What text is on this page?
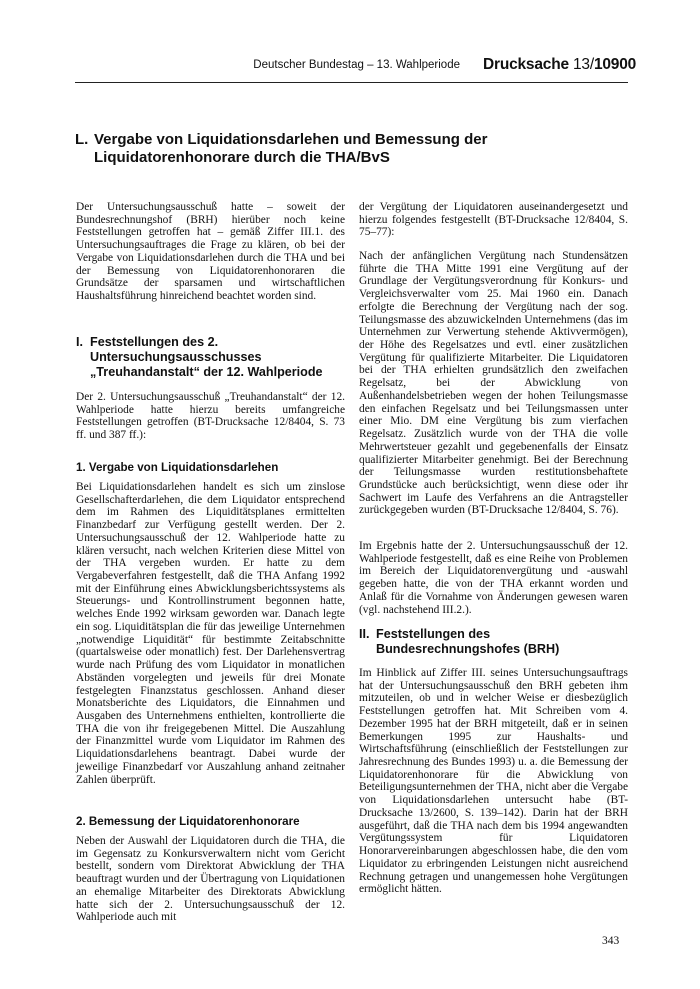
Deutscher Bundestag – 13. Wahlperiode Drucksache 13/10900
L. Vergabe von Liquidationsdarlehen und Bemessung der Liquidatorenhonorare durch die THA/BvS

Der Untersuchungsausschuß hatte – soweit der Bundesrechnungshof (BRH) hierüber noch keine Feststellungen getroffen hat – gemäß Ziffer III.1. des Untersuchungsauftrages die Frage zu klären, ob bei der Vergabe von Liquidationsdarlehen durch die THA und bei der Bemessung von Liquidatorenhonoraren die Grundsätze der sparsamen und wirtschaftlichen Haushaltsführung hinreichend beachtet worden sind.

I. Feststellungen des 2. Untersuchungsausschusses „Treuhandanstalt“ der 12. Wahlperiode

Der 2. Untersuchungsausschuß „Treuhandanstalt“ der 12. Wahlperiode hatte hierzu bereits umfangreiche Feststellungen getroffen (BT-Drucksache 12/8404, S. 73 ff. und 387 ff.):

1. Vergabe von Liquidationsdarlehen

Bei Liquidationsdarlehen handelt es sich um zinslose Gesellschafterdarlehen, die dem Liquidator entsprechend dem im Rahmen des Liquiditätsplanes ermittelten Finanzbedarf zur Verfügung gestellt werden. Der 2. Untersuchungsausschuß der 12. Wahlperiode hatte zu klären versucht, nach welchen Kriterien diese Mittel von der THA vergeben wurden. Er hatte zu dem Vergabeverfahren festgestellt, daß die THA Anfang 1992 mit der Einführung eines Abwicklungsberichtssystems als Steuerungs- und Kontrollinstrument begonnen hatte, welches Ende 1992 wirksam geworden war. Danach legte ein sog. Liquiditätsplan die für das jeweilige Unternehmen „notwendige Liquidität“ für bestimmte Zeitabschnitte (quartalsweise oder monatlich) fest. Der Darlehensvertrag wurde nach Prüfung des vom Liquidator in monatlichen Abständen vorgelegten und jeweils für drei Monate festgelegten Finanzstatus geschlossen. Anhand dieser Monatsberichte des Liquidators, die Einnahmen und Ausgaben des Unternehmens enthielten, kontrollierte die THA die von ihr freigegebenen Mittel. Die Auszahlung der Finanzmittel wurde vom Liquidator im Rahmen des Liquidationsdarlehens beantragt. Dabei wurde der jeweilige Finanzbedarf vor Auszahlung anhand zeitnaher Zahlen überprüft.

2. Bemessung der Liquidatorenhonorare

Neben der Auswahl der Liquidatoren durch die THA, die im Gegensatz zu Konkursverwaltern nicht vom Gericht bestellt, sondern vom Direktorat Abwicklung der THA beauftragt wurden und der Übertragung von Liquidationen an ehemalige Mitarbeiter des Direktorats Abwicklung hatte sich der 2. Untersuchungsausschuß der 12. Wahlperiode auch mit

der Vergütung der Liquidatoren auseinandergesetzt und hierzu folgendes festgestellt (BT-Drucksache 12/8404, S. 75–77):

Nach der anfänglichen Vergütung nach Stundensätzen führte die THA Mitte 1991 eine Vergütung auf der Grundlage der Vergütungsverordnung für Konkurs- und Vergleichsverwalter vom 25. Mai 1960 ein. Danach erfolgte die Berechnung der Vergütung nach der sog. Teilungsmasse des abzuwickelnden Unternehmens (das im Unternehmen zur Verwertung stehende Aktivvermögen), der Höhe des Regelsatzes und evtl. einer zusätzlichen Vergütung für qualifizierte Mitarbeiter. Die Liquidatoren bei der THA erhielten grundsätzlich den zweifachen Regelsatz, bei der Abwicklung von Außenhandelsbetrieben wegen der hohen Teilungsmasse den einfachen Regelsatz und bei Teilungsmassen unter einer Mio. DM eine Vergütung bis zum vierfachen Regelsatz. Zusätzlich wurde von der THA die volle Mehrwertsteuer gezahlt und gegebenenfalls der Einsatz qualifizierter Mitarbeiter genehmigt. Bei der Berechnung der Teilungsmasse wurden restitutionsbehaftete Grundstücke auch berücksichtigt, wenn diese oder ihr Sachwert im Laufe des Verfahrens an die Antragsteller zurückgegeben wurden (BT-Drucksache 12/8404, S. 76).

Im Ergebnis hatte der 2. Untersuchungsausschuß der 12. Wahlperiode festgestellt, daß es eine Reihe von Problemen im Bereich der Liquidatorenvergütung und -auswahl gegeben hatte, die von der THA erkannt worden und Anlaß für die Vornahme von Änderungen gewesen waren (vgl. nachstehend III.2.).

II. Feststellungen des Bundesrechnungshofes (BRH)

Im Hinblick auf Ziffer III. seines Untersuchungsauftrags hat der Untersuchungsausschuß den BRH gebeten ihm mitzuteilen, ob und in welcher Weise er diesbezüglich Feststellungen getroffen hat. Mit Schreiben vom 4. Dezember 1995 hat der BRH mitgeteilt, daß er in seinen Bemerkungen 1995 zur Haushalts- und Wirtschaftsführung (einschließlich der Feststellungen zur Jahresrechnung des Bundes 1993) u. a. die Bemessung der Liquidatorenhonorare für die Abwicklung von Beteiligungsunternehmen der THA, nicht aber die Vergabe von Liquidationsdarlehen untersucht habe (BT-Drucksache 13/2600, S. 139–142). Darin hat der BRH ausgeführt, daß die THA nach dem bis 1994 angewandten Vergütungssystem für Liquidatoren Honorarvereinbarungen abgeschlossen habe, die den vom Liquidator zu erbringenden Leistungen nicht ausreichend Rechnung getragen und unangemessen hohe Vergütungen ermöglicht hätten.

343
